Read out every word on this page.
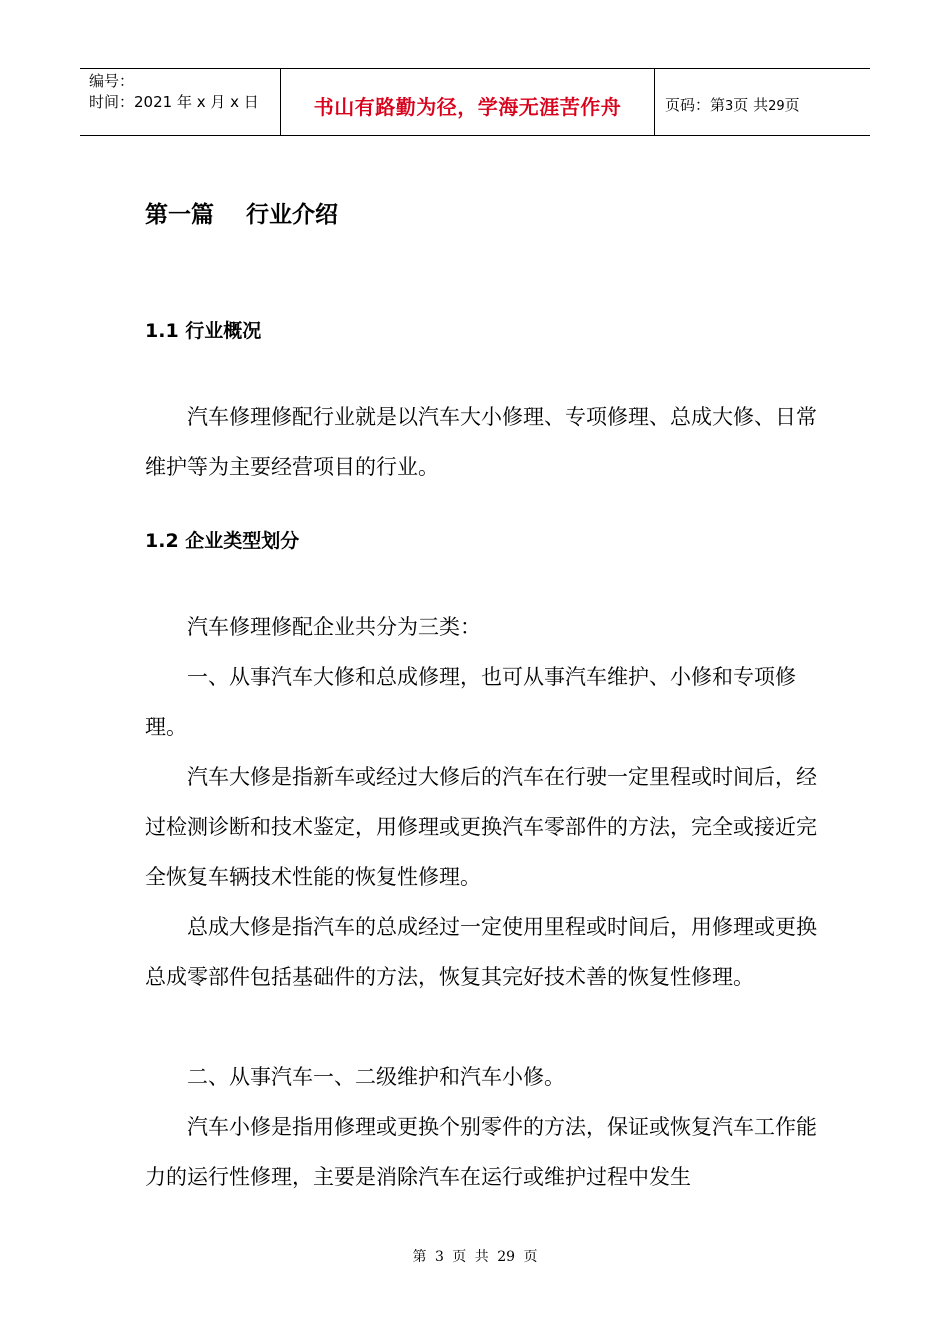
编号：
时间：2021 年 x 月 x 日	书山有路勤为径，学海无涯苦作舟	页码：第3页 共29页
第一篇    行业介绍
1.1 行业概况

汽车修理修配行业就是以汽车大小修理、专项修理、总成大修、日常维护等为主要经营项目的行业。

1.2 企业类型划分

汽车修理修配企业共分为三类：

一、从事汽车大修和总成修理，也可从事汽车维护、小修和专项修理。

汽车大修是指新车或经过大修后的汽车在行驶一定里程或时间后，经过检测诊断和技术鉴定，用修理或更换汽车零部件的方法，完全或接近完全恢复车辆技术性能的恢复性修理。

总成大修是指汽车的总成经过一定使用里程或时间后，用修理或更换总成零部件包括基础件的方法，恢复其完好技术善的恢复性修理。

二、从事汽车一、二级维护和汽车小修。

汽车小修是指用修理或更换个别零件的方法，保证或恢复汽车工作能力的运行性修理，主要是消除汽车在运行或维护过程中发生

第 3 页 共 29 页
